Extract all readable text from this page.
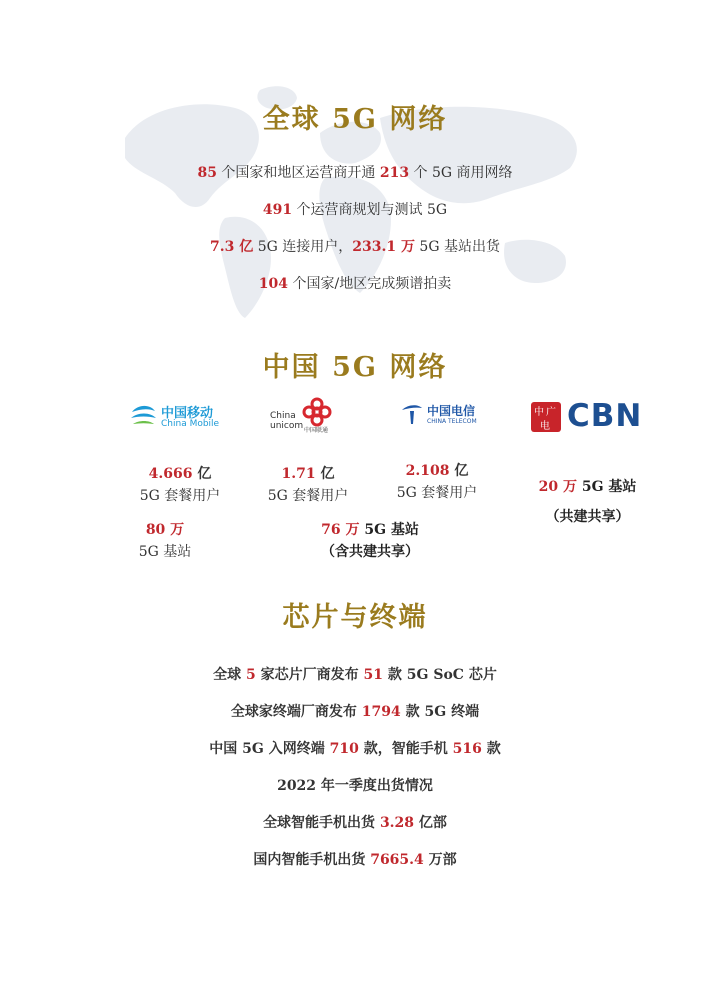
全球 5G 网络
85 个国家和地区运营商开通 213 个 5G 商用网络
491 个运营商规划与测试 5G
7.3 亿 5G 连接用户，233.1 万 5G 基站出货
104 个国家/地区完成频谱拍卖
中国 5G 网络
中国移动
China Mobile
China
unicom 中国联通
中国电信
CHINA TELECOM
中 广
电 CBN
4.666 亿
5G 套餐用户
80 万
5G 基站
1.71 亿
5G 套餐用户
2.108 亿
5G 套餐用户
76 万 5G 基站
（含共建共享）
20 万 5G 基站
（共建共享）
芯片与终端
全球 5 家芯片厂商发布 51 款 5G SoC 芯片
全球家终端厂商发布 1794 款 5G 终端
中国 5G 入网终端 710 款，智能手机 516 款
2022 年一季度出货情况
全球智能手机出货 3.28 亿部
国内智能手机出货 7665.4 万部
